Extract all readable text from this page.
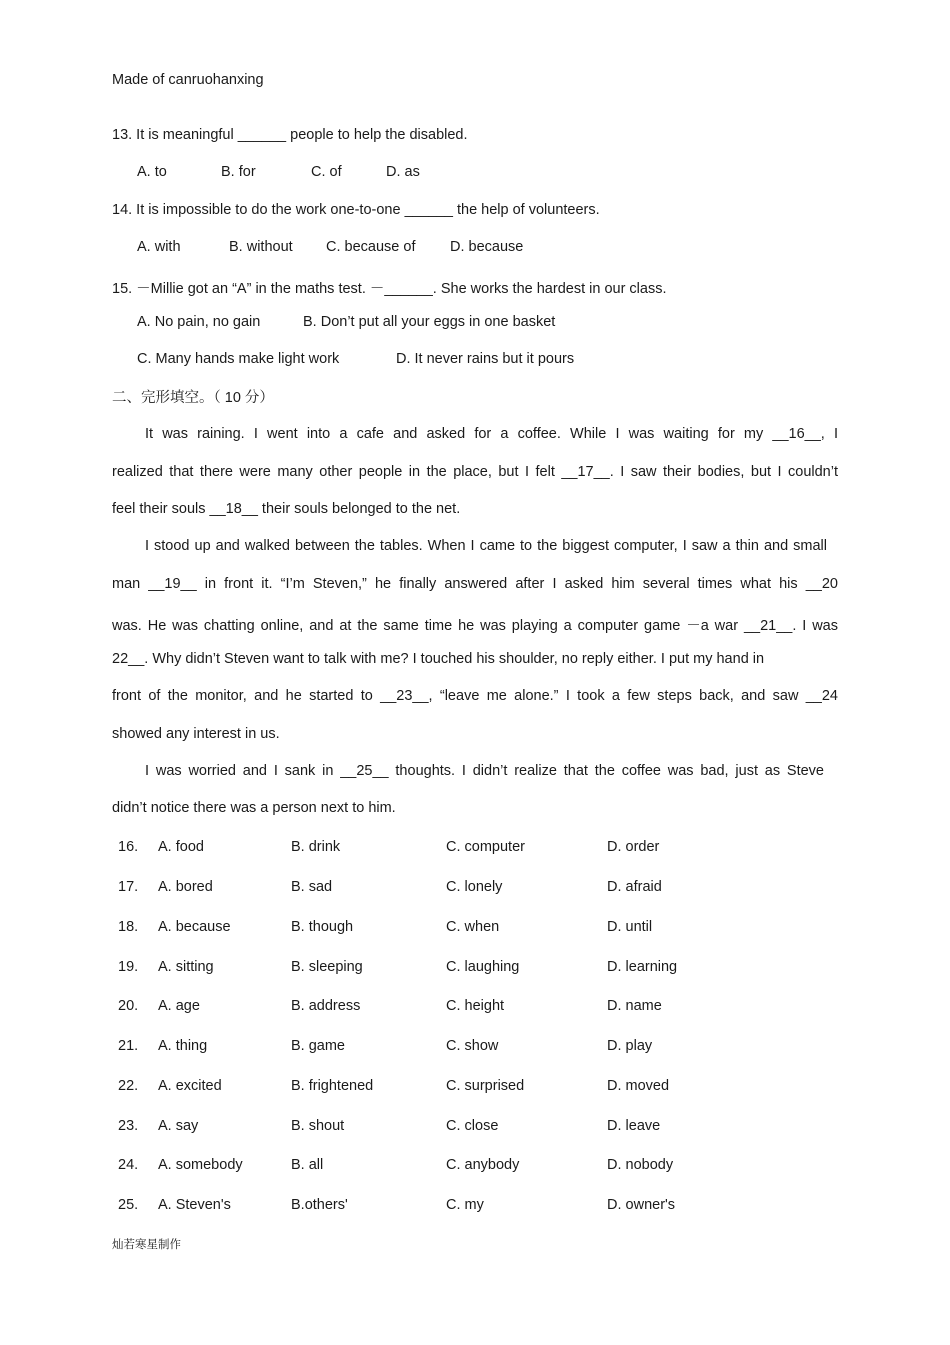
Made of canruohanxing
13. It is meaningful ______ people to help the disabled.
A. to	B. for	C. of	D. as
14. It is impossible to do the work one-to-one ______ the help of volunteers.
A. with	B. without C. because of D. because
15. －Millie got an “A” in the maths test. －______. She works the hardest in our class.
A. No pain, no gain	B. Don’t put all your eggs in one basket
C. Many hands make light work	D. It never rains but it pours
二、完形填空。（ 10 分）
It was raining. I went into a cafe and asked for a coffee. While I was waiting for my __16__, I
realized that there were many other people in the place, but I felt __17__. I saw their bodies, but I couldn’t
feel their souls __18__ their souls belonged to the net.
I stood up and walked between the tables. When I came to the biggest computer, I saw a thin and small
man __19__ in front it. “I’m Steven,” he finally answered after I asked him several times what his __20
was. He was chatting online, and at the same time he was playing a computer game －a war __21__. I was
22__. Why didn’t Steven want to talk with me? I touched his shoulder, no reply either. I put my hand in
front of the monitor, and he started to __23__, “leave me alone.” I took a few steps back, and saw __24
showed any interest in us.
I was worried and I sank in __25__ thoughts. I didn’t realize that the coffee was bad, just as Steve
didn’t notice there was a person next to him.
16. A. food	B. drink	C. computer	D. order
17. A. bored	B. sad	C. lonely	D. afraid
18. A. because	B. though	C. when	D. until
19. A. sitting	B. sleeping	C. laughing	D. learning
20. A. age	B. address	C. height	D. name
21. A. thing	B. game	C. show	D. play
22. A. excited	B. frightened	C. surprised	D. moved
23. A. say	B. shout	C. close	D. leave
24. A. somebody	B. all	C. anybody	D. nobody
25. A. Steven's	B.others'	C. my	D. owner's
灿若寒星制作
